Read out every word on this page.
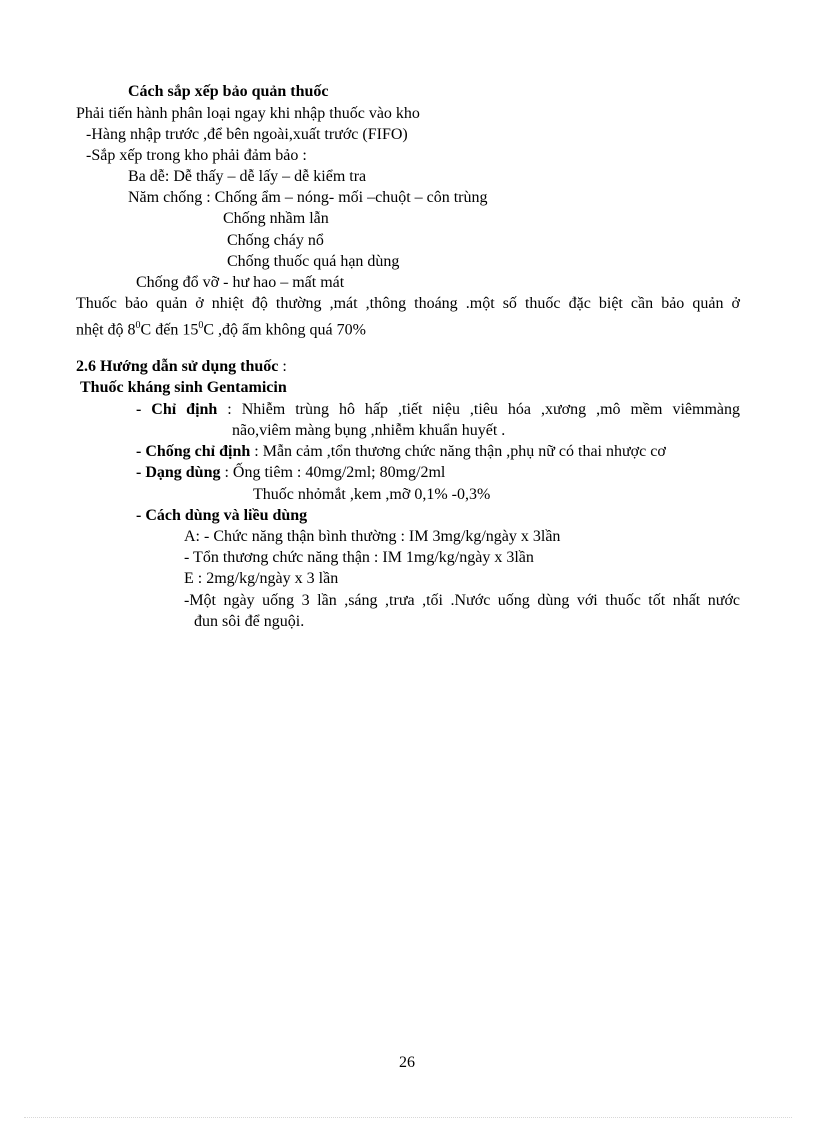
Cách sắp xếp bảo quản thuốc
Phải tiến hành phân loại ngay khi nhập thuốc vào kho
-Hàng nhập trước ,để bên ngoài,xuất trước (FIFO)
-Sắp xếp trong kho phải đảm bảo :
Ba dễ: Dễ thấy – dễ lấy – dễ kiểm tra
Năm chống : Chống ẩm – nóng- mối –chuột – côn trùng
Chống nhầm lẫn
Chống cháy nổ
Chống thuốc quá hạn dùng
Chống đổ vỡ - hư hao – mất mát
Thuốc bảo quản ở nhiệt độ thường ,mát ,thông thoáng .một số thuốc đặc biệt cần bảo quản ở
nhệt độ $8^0C$ đến $15^0C$ ,độ ẩm không quá 70%
2.6 Hướng dẫn sử dụng thuốc :
Thuốc kháng sinh Gentamicin
- Chỉ định : Nhiễm trùng hô hấp ,tiết niệu ,tiêu hóa ,xương ,mô mềm viêmmàng
não,viêm màng bụng ,nhiễm khuẩn huyết .
- Chống chỉ định : Mẫn cảm ,tổn thương chức năng thận ,phụ nữ có thai nhược cơ
- Dạng dùng : Ống tiêm : 40mg/2ml; 80mg/2ml
Thuốc nhỏmắt ,kem ,mỡ 0,1% -0,3%
- Cách dùng và liều dùng
A: - Chức năng thận bình thường : IM 3mg/kg/ngày x 3lần
- Tổn thương chức năng thận : IM 1mg/kg/ngày x 3lần
E : 2mg/kg/ngày x 3 lần
-Một ngày uống 3 lần ,sáng ,trưa ,tối .Nước uống dùng với thuốc tốt nhất nước
đun sôi để nguội.
26
